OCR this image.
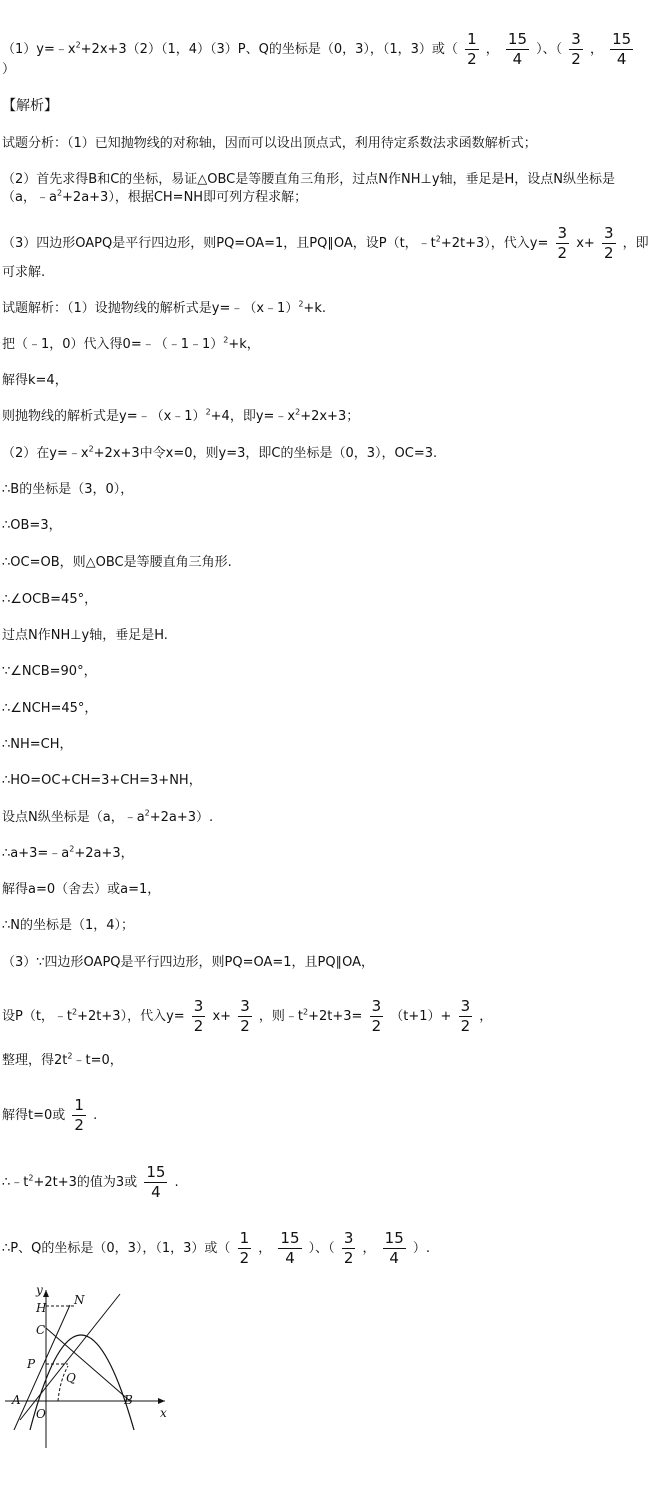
$(1)y=﹣x^2+2x+3(2)(1$，4）（3）P、Q的坐标是（0，3），（1，3）或（ $\frac{1}{2}$ ， $\frac{15}{4}$ ）、（ $\frac{3}{2}$ ， $\frac{15}{4}$
）
【解析】
试题分析：（1）已知抛物线的对称轴，因而可以设出顶点式，利用待定系数法求函数解析式；
（2）首先求得B和C的坐标，易证△OBC是等腰直角三角形，过点N作NH⊥y轴，垂足是H，设点N纵坐标是
（a，$﹣a^2+2a+3$），根据CH=NH即可列方程求解；
（3）四边形OAPQ是平行四边形，则PQ=OA=1，且PQ∥OA，设P（t，$﹣t^2+2t+3$），代入$y= \frac{3}{2} x+ \frac{3}{2}$ ，即
可求解.
试题解析：（1）设抛物线的解析式是y=﹣（x﹣1）$^2$+k.
把（﹣1，0）代入得0=﹣（﹣1﹣1）$^2$+k，
解得k=4，
则抛物线的解析式是y=﹣（x﹣1）$^2$+4，即$y=﹣x^2+2x+3$；
（2）在$y=﹣x^2+2x+3$中令x=0，则y=3，即C的坐标是（0，3），OC=3.
∴B的坐标是（3，0），
∴OB=3，
∴OC=OB，则△OBC是等腰直角三角形.
∴∠OCB=45°，
过点N作NH⊥y轴，垂足是H.
∵∠NCB=90°，
∴∠NCH=45°，
∴NH=CH，
∴HO=OC+CH=3+CH=3+NH，
设点N纵坐标是（a，$﹣a^2+2a+3$）.
$\therefore a+3=﹣a^2+2a+3$，
解得a=0（舍去）或a=1，
∴N的坐标是（1，4）；
（3）∵四边形OAPQ是平行四边形，则PQ=OA=1，且PQ∥OA，
设P（t，$﹣t^2+2t+3$），代入$y= \frac{3}{2} x+ \frac{3}{2}$ ，则$﹣t^2+2t+3= \frac{3}{2} (t+1)+ \frac{3}{2}$ ，
整理，得$2t^2﹣t=0$，
解得t=0或 $\frac{1}{2}$ .
$\therefore﹣t^2+2t+3$的值为3或 $\frac{15}{4}$ .
∴P、Q的坐标是（0，3），（1，3）或（ $\frac{1}{2}$ ， $\frac{15}{4}$ ）、（ $\frac{3}{2}$ ， $\frac{15}{4}$ ）.
y
x
H
N
C
P
Q
A
O
B
